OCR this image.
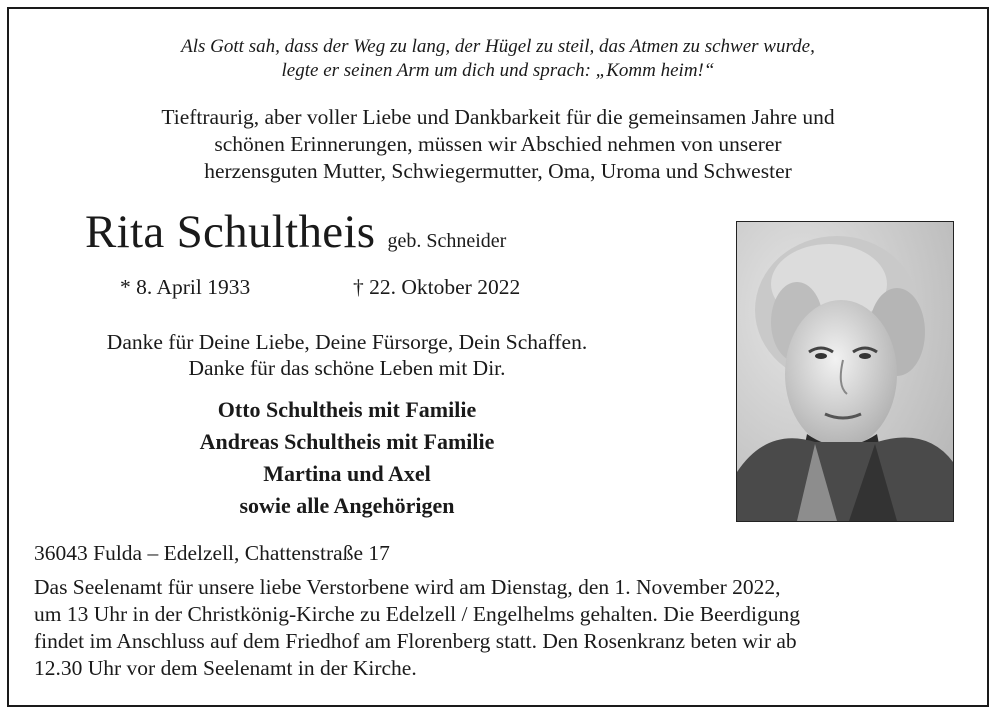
Als Gott sah, dass der Weg zu lang, der Hügel zu steil, das Atmen zu schwer wurde,
legte er seinen Arm um dich und sprach: „Komm heim!“
Tieftraurig, aber voller Liebe und Dankbarkeit für die gemeinsamen Jahre und
schönen Erinnerungen, müssen wir Abschied nehmen von unserer
herzensguten Mutter, Schwiegermutter, Oma, Uroma und Schwester
Rita Schultheis geb. Schneider
* 8. April 1933	† 22. Oktober 2022
Danke für Deine Liebe, Deine Fürsorge, Dein Schaffen.
Danke für das schöne Leben mit Dir.
Otto Schultheis mit Familie
Andreas Schultheis mit Familie
Martina und Axel
sowie alle Angehörigen
36043 Fulda – Edelzell, Chattenstraße 17
Das Seelenamt für unsere liebe Verstorbene wird am Dienstag, den 1. November 2022,
um 13 Uhr in der Christkönig-Kirche zu Edelzell / Engelhelms gehalten. Die Beerdigung
findet im Anschluss auf dem Friedhof am Florenberg statt. Den Rosenkranz beten wir ab
12.30 Uhr vor dem Seelenamt in der Kirche.
